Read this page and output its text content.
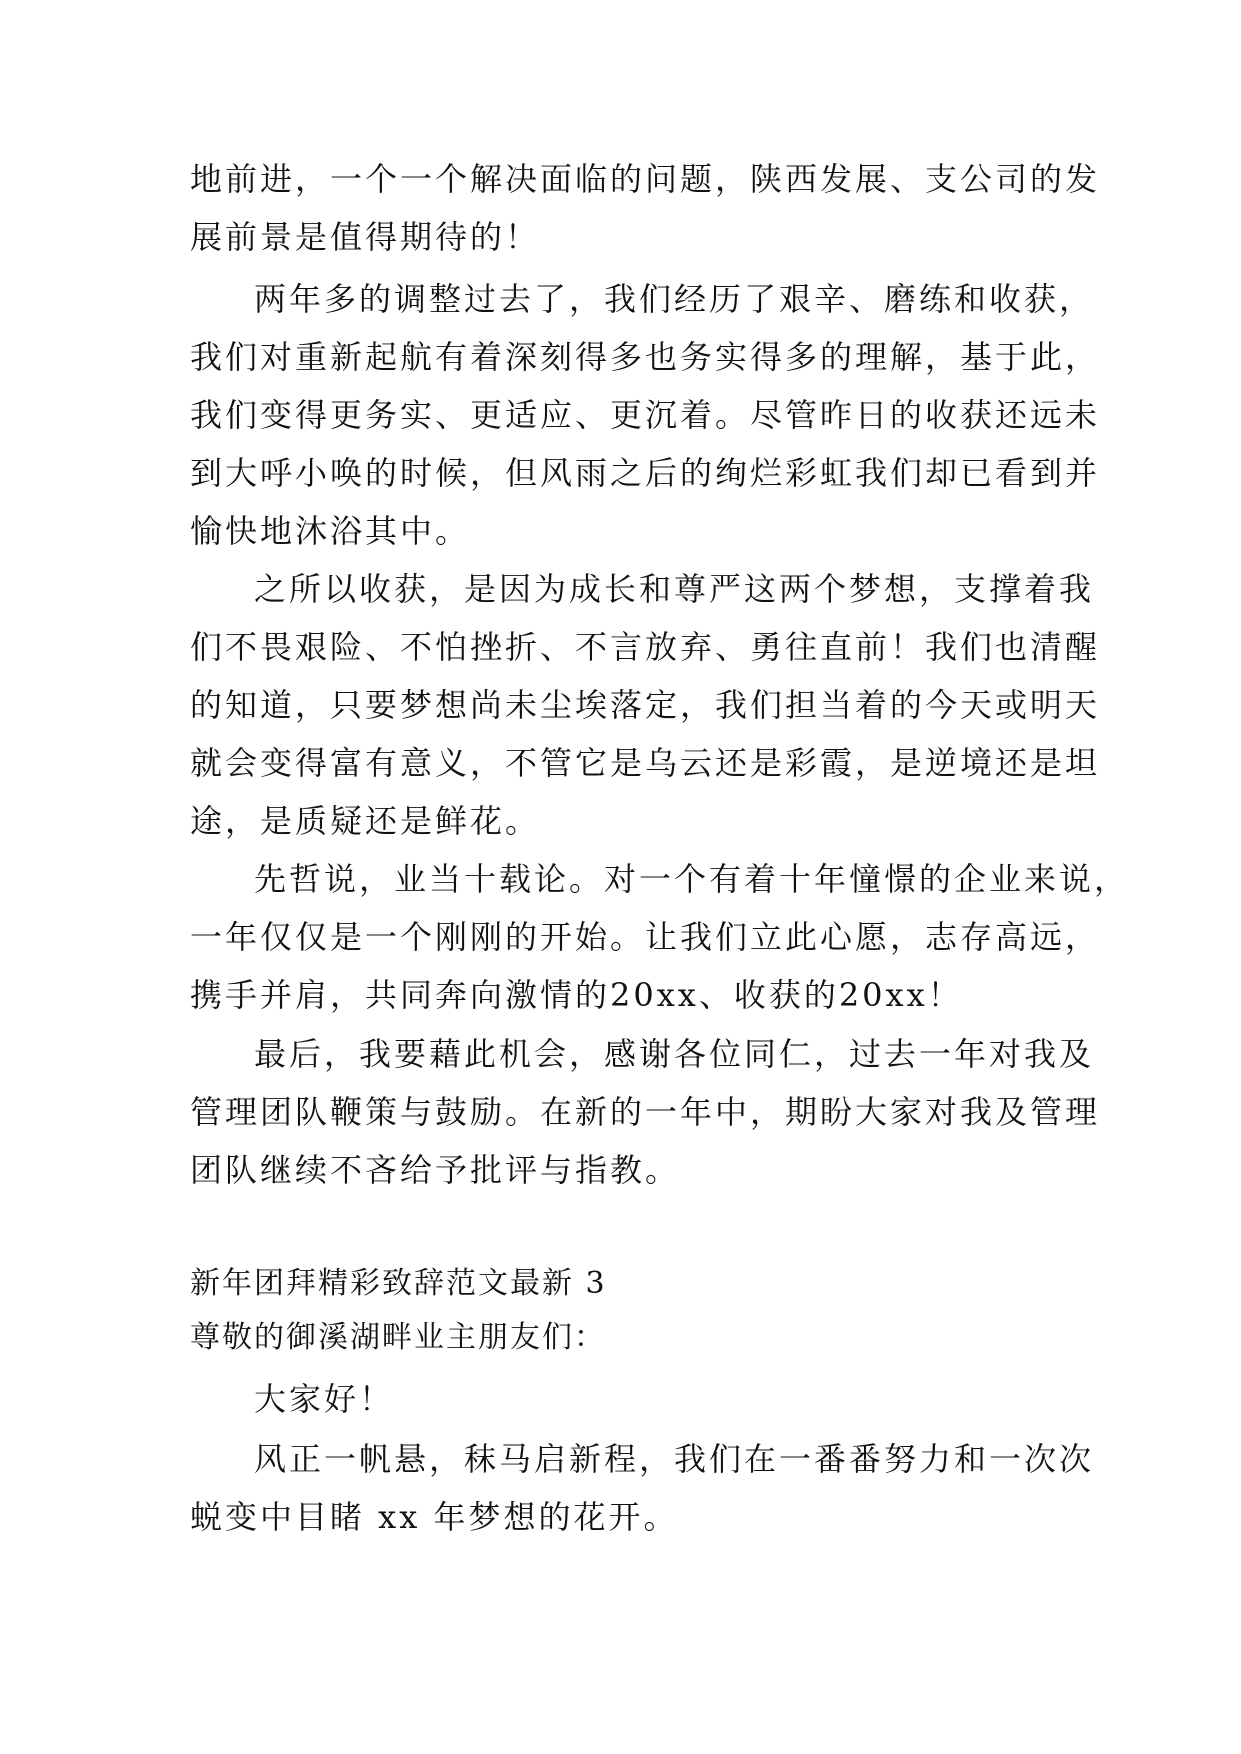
地前进，一个一个解决面临的问题，陕西发展、支公司的发
展前景是值得期待的！

两年多的调整过去了，我们经历了艰辛、磨练和收获，
我们对重新起航有着深刻得多也务实得多的理解，基于此，
我们变得更务实、更适应、更沉着。尽管昨日的收获还远未
到大呼小唤的时候，但风雨之后的绚烂彩虹我们却已看到并
愉快地沐浴其中。

之所以收获，是因为成长和尊严这两个梦想，支撑着我
们不畏艰险、不怕挫折、不言放弃、勇往直前！我们也清醒
的知道，只要梦想尚未尘埃落定，我们担当着的今天或明天
就会变得富有意义，不管它是乌云还是彩霞，是逆境还是坦
途，是质疑还是鲜花。

先哲说，业当十载论。对一个有着十年憧憬的企业来说，
一年仅仅是一个刚刚的开始。让我们立此心愿，志存高远，
携手并肩，共同奔向激情的20xx、收获的20xx！

最后，我要藉此机会，感谢各位同仁，过去一年对我及
管理团队鞭策与鼓励。在新的一年中，期盼大家对我及管理
团队继续不吝给予批评与指教。

新年团拜精彩致辞范文最新 3

尊敬的御溪湖畔业主朋友们：

大家好！

风正一帆悬，秣马启新程，我们在一番番努力和一次次
蜕变中目睹 xx 年梦想的花开。
